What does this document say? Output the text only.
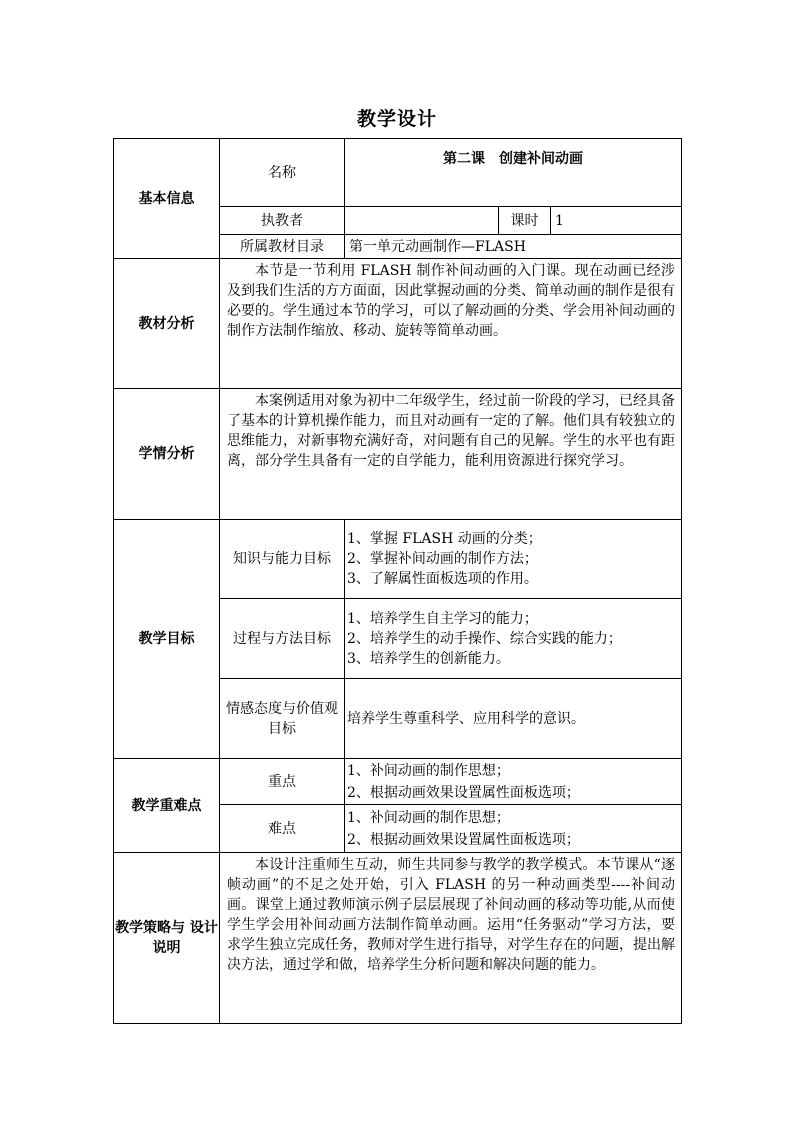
教学设计
基本信息	名称	第二课　创建补间动画		
	执教者		课时	1
	所属教材目录	第一单元动画制作—FLASH		
教材分析	本节是一节利用 FLASH 制作补间动画的入门课。现在动画已经涉及到我们生活的方方面面，因此掌握动画的分类、简单动画的制作是很有必要的。学生通过本节的学习，可以了解动画的分类、学会用补间动画的制作方法制作缩放、移动、旋转等简单动画。			

学情分析	本案例适用对象为初中二年级学生，经过前一阶段的学习，已经具备了基本的计算机操作能力，而且对动画有一定的了解。他们具有较独立的思维能力，对新事物充满好奇，对问题有自己的见解。学生的水平也有距离，部分学生具备有一定的自学能力，能利用资源进行探究学习。			

教学目标	知识与能力目标	1、掌握 FLASH 动画的分类；
2、掌握补间动画的制作方法；
3、了解属性面板选项的作用。		

	过程与方法目标	1、培养学生自主学习的能力；
2、培养学生的动手操作、综合实践的能力；
3、培养学生的创新能力。		

	情感态度与价值观目标	培养学生尊重科学、应用科学的意识。		
教学重难点	重点	1、补间动画的制作思想；
2、根据动画效果设置属性面板选项；		

	难点	1、补间动画的制作思想；
2、根据动画效果设置属性面板选项；		

教学策略与 设计说明	本设计注重师生互动，师生共同参与教学的教学模式。本节课从“逐帧动画”的不足之处开始，引入 FLASH 的另一种动画类型----补间动画。课堂上通过教师演示例子层层展现了补间动画的移动等功能,从而使学生学会用补间动画方法制作简单动画。运用“任务驱动”学习方法，要求学生独立完成任务，教师对学生进行指导，对学生存在的问题，提出解决方法，通过学和做，培养学生分析问题和解决问题的能力。			
